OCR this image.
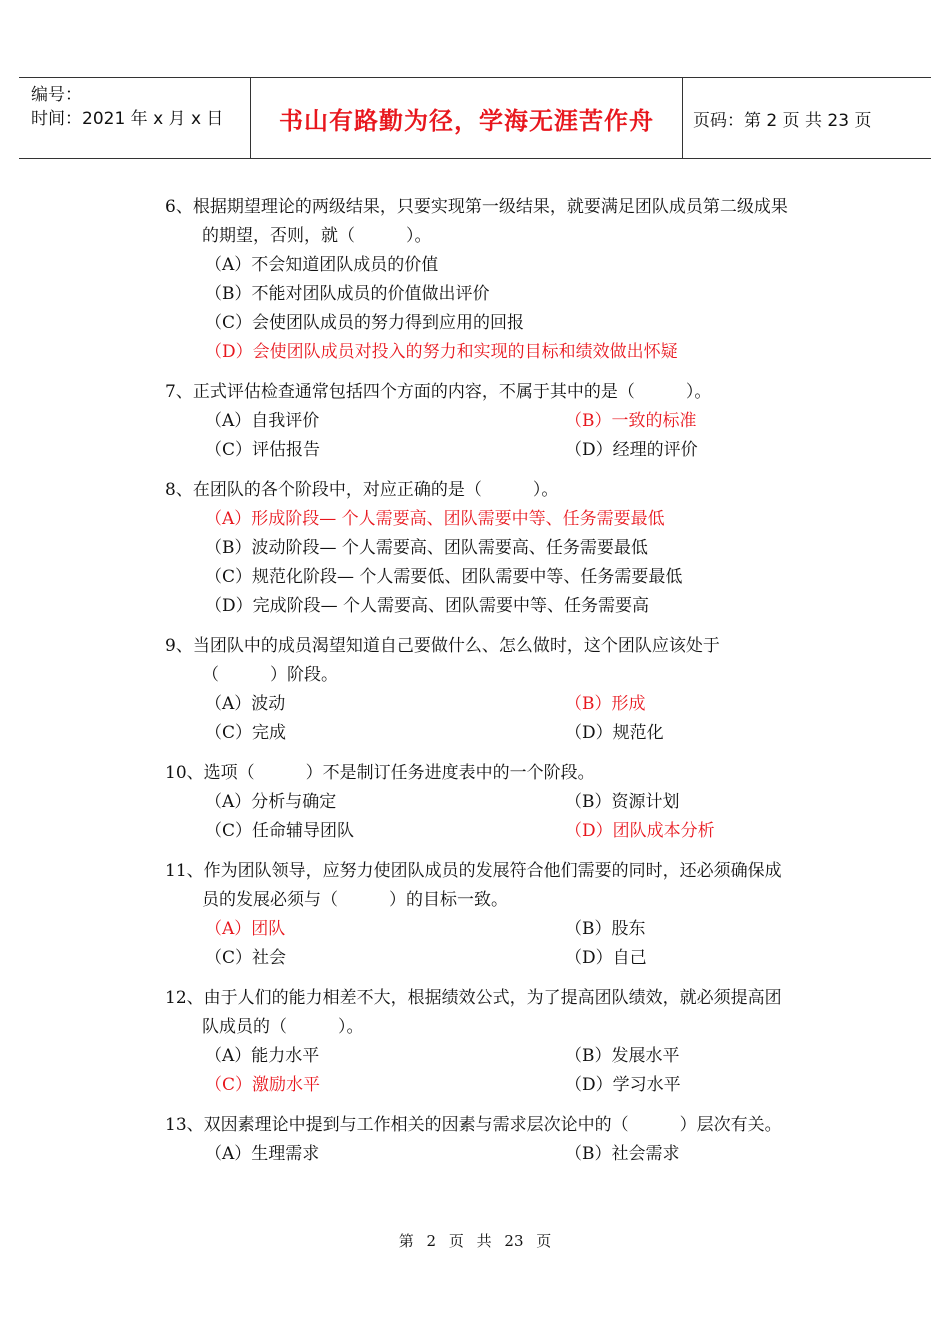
编号：
时间：2021 年 x 月 x 日	书山有路勤为径，学海无涯苦作舟	页码：第 2 页 共 23 页
6、根据期望理论的两级结果，只要实现第一级结果，就要满足团队成员第二级成果的期望，否则，就（　　　）。
（A）不会知道团队成员的价值
（B）不能对团队成员的价值做出评价
（C）会使团队成员的努力得到应用的回报
（D）会使团队成员对投入的努力和实现的目标和绩效做出怀疑
7、正式评估检查通常包括四个方面的内容，不属于其中的是（　　　）。
（A）自我评价	（B）一致的标准
（C）评估报告	（D）经理的评价
8、在团队的各个阶段中，对应正确的是（　　　）。
（A）形成阶段— 个人需要高、团队需要中等、任务需要最低
（B）波动阶段— 个人需要高、团队需要高、任务需要最低
（C）规范化阶段— 个人需要低、团队需要中等、任务需要最低
（D）完成阶段— 个人需要高、团队需要中等、任务需要高
9、当团队中的成员渴望知道自己要做什么、怎么做时，这个团队应该处于（　　　）阶段。
（A）波动	（B）形成
（C）完成	（D）规范化
10、选项（　　　）不是制订任务进度表中的一个阶段。
（A）分析与确定	（B）资源计划
（C）任命辅导团队	（D）团队成本分析
11、作为团队领导，应努力使团队成员的发展符合他们需要的同时，还必须确保成员的发展必须与（　　　）的目标一致。
（A）团队	（B）股东
（C）社会	（D）自己
12、由于人们的能力相差不大，根据绩效公式，为了提高团队绩效，就必须提高团队成员的（　　　）。
（A）能力水平	（B）发展水平
（C）激励水平	（D）学习水平
13、双因素理论中提到与工作相关的因素与需求层次论中的（　　　）层次有关。
（A）生理需求	（B）社会需求
第 2 页 共 23 页
